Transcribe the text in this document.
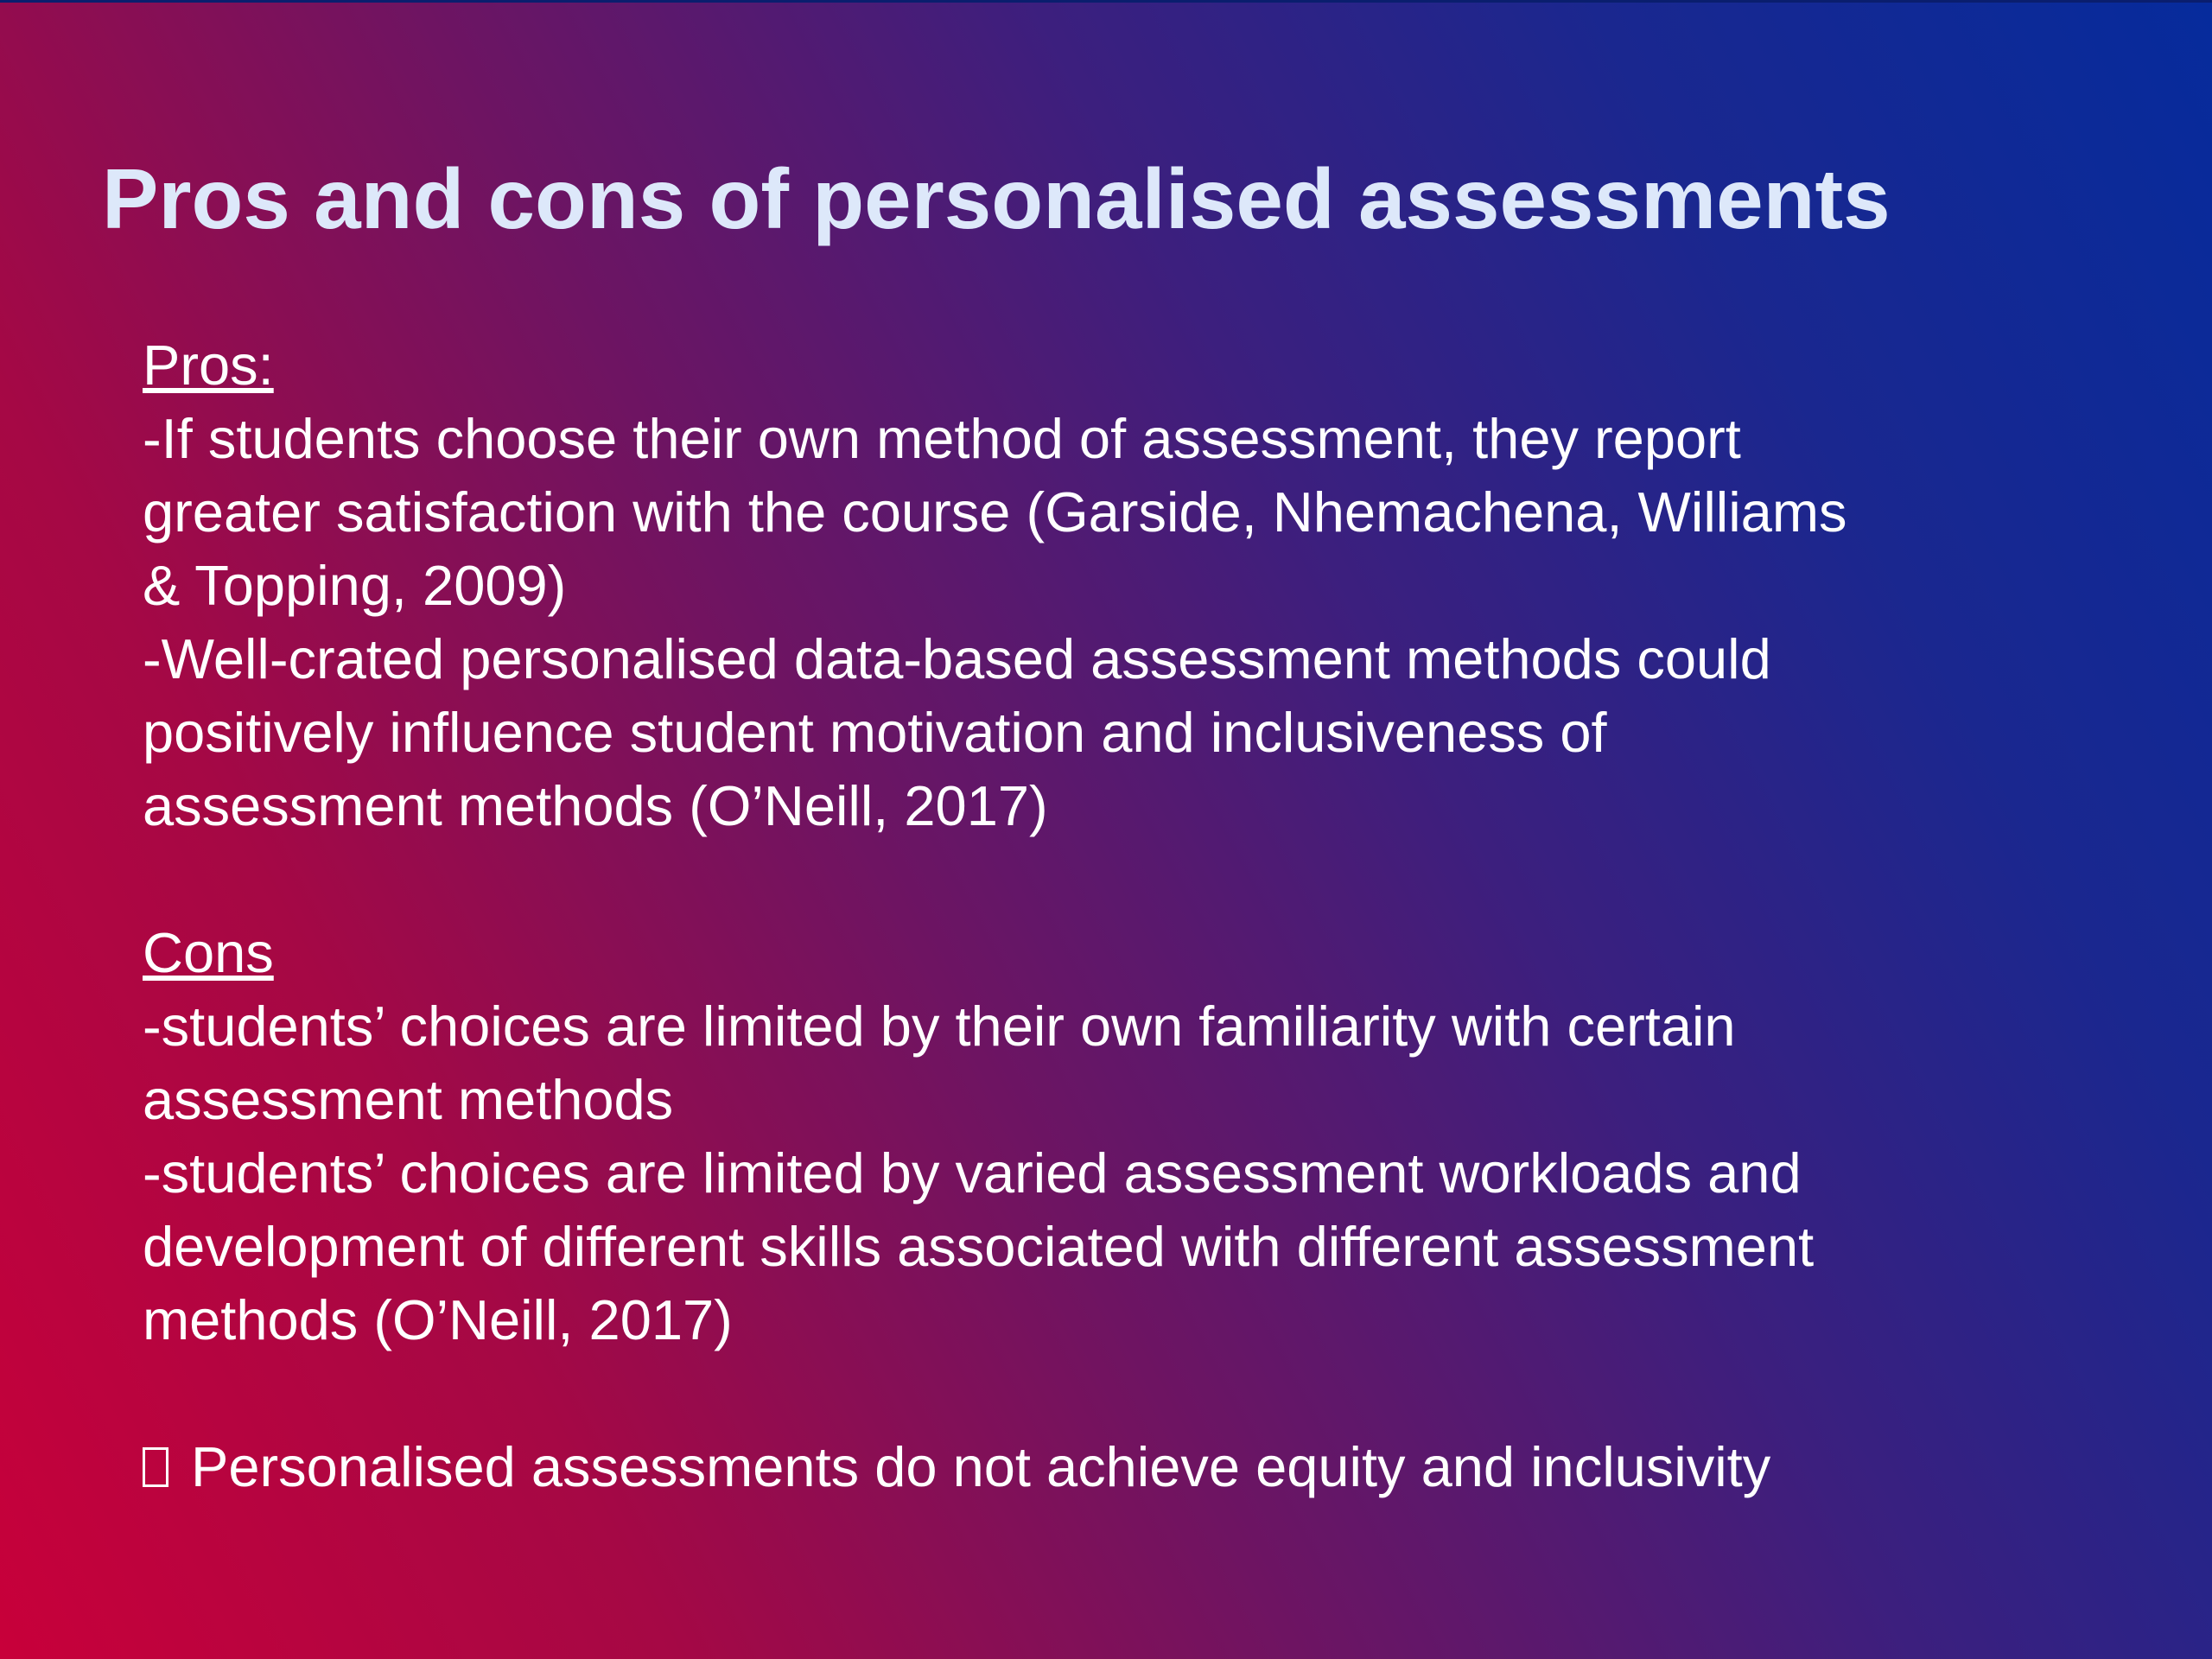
Pros and cons of personalised assessments

Pros:

-If students choose their own method of assessment, they report

greater satisfaction with the course (Garside, Nhemachena, Williams

& Topping, 2009)

-Well-crated personalised data-based assessment methods could

positively influence student motivation and inclusiveness of

assessment methods (O’Neill, 2017)

Cons

-students’ choices are limited by their own familiarity with certain

assessment methods

-students’ choices are limited by varied assessment workloads and

development of different skills associated with different assessment

methods (O’Neill, 2017)

Personalised assessments do not achieve equity and inclusivity
